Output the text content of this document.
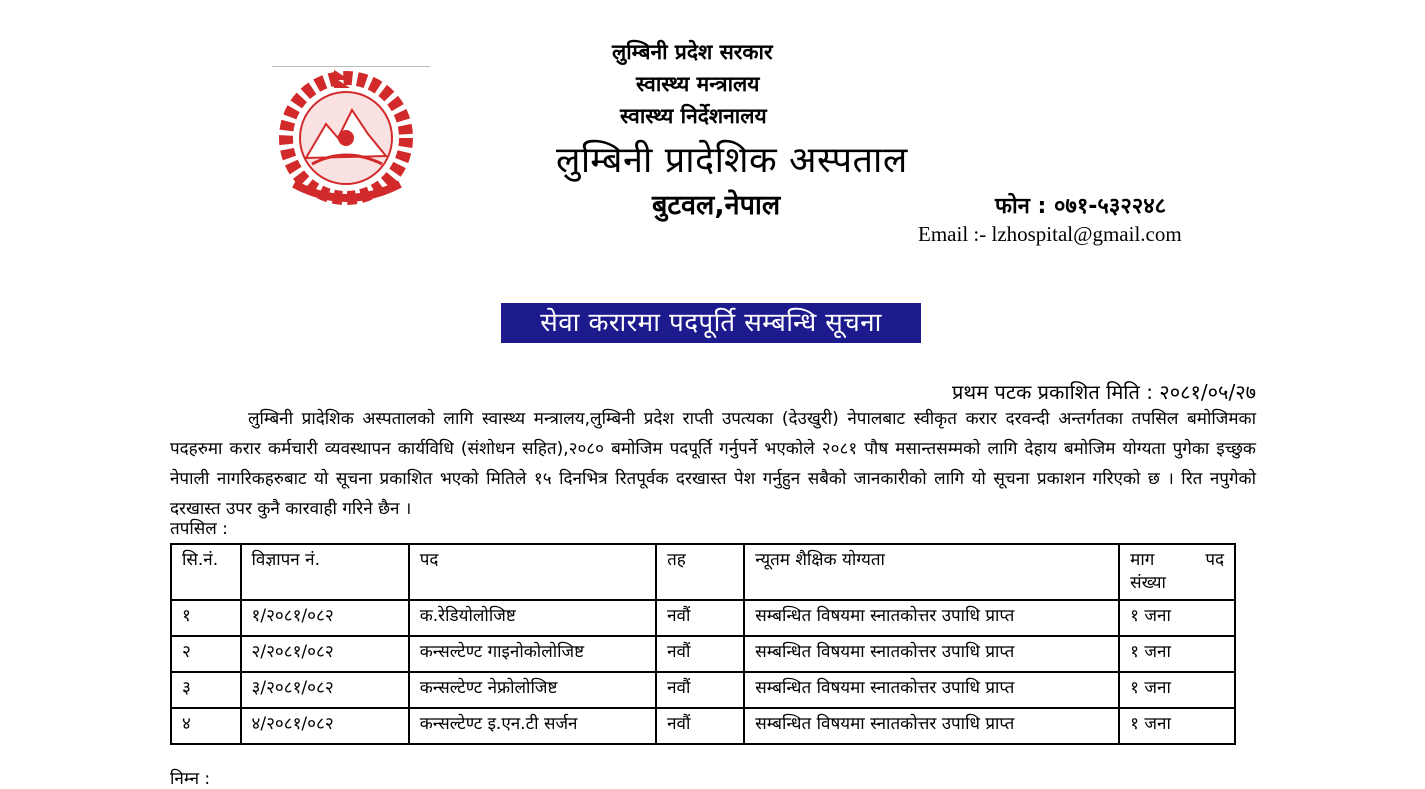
लुम्बिनी प्रदेश सरकार
स्वास्थ्य मन्त्रालय
स्वास्थ्य निर्देशनालय
लुम्बिनी प्रादेशिक अस्पताल
बुटवल,नेपाल	फोन : ०७१-५३२२४८
Email :- lzhospital@gmail.com
सेवा करारमा पदपूर्ति सम्बन्धि सूचना
प्रथम पटक प्रकाशित मिति : २०८१/०५/२७

लुम्बिनी प्रादेशिक अस्पतालको लागि स्वास्थ्य मन्त्रालय,लुम्बिनी प्रदेश राप्ती उपत्यका (देउखुरी) नेपालबाट स्वीकृत करार दरवन्दी अन्तर्गतका तपसिल बमोजिमका पदहरुमा करार कर्मचारी व्यवस्थापन कार्यविधि (संशोधन सहित),२०८० बमोजिम पदपूर्ति गर्नुपर्ने भएकोले २०८१ पौष मसान्तसम्मको लागि देहाय बमोजिम योग्यता पुगेका इच्छुक नेपाली नागरिकहरुबाट यो सूचना प्रकाशित भएको मितिले १५ दिनभित्र रितपूर्वक दरखास्त पेश गर्नुहुन सबैको जानकारीको लागि यो सूचना प्रकाशन गरिएको छ । रित नपुगेको दरखास्त उपर कुनै कारवाही गरिने छैन ।

तपसिल :
सि.नं.	विज्ञापन नं.	पद	तह	न्यूतम शैक्षिक योग्यता	माग पद
संख्या

१	१/२०८१/०८२	क.रेडियोलोजिष्ट	नवौं	सम्बन्धित विषयमा स्नातकोत्तर उपाधि प्राप्त	१ जना
२	२/२०८१/०८२	कन्सल्टेण्ट गाइनोकोलोजिष्ट	नवौं	सम्बन्धित विषयमा स्नातकोत्तर उपाधि प्राप्त	१ जना
३	३/२०८१/०८२	कन्सल्टेण्ट नेफ्रोलोजिष्ट	नवौं	सम्बन्धित विषयमा स्नातकोत्तर उपाधि प्राप्त	१ जना
४	४/२०८१/०८२	कन्सल्टेण्ट इ.एन.टी सर्जन	नवौं	सम्बन्धित विषयमा स्नातकोत्तर उपाधि प्राप्त	१ जना
निम्न :
